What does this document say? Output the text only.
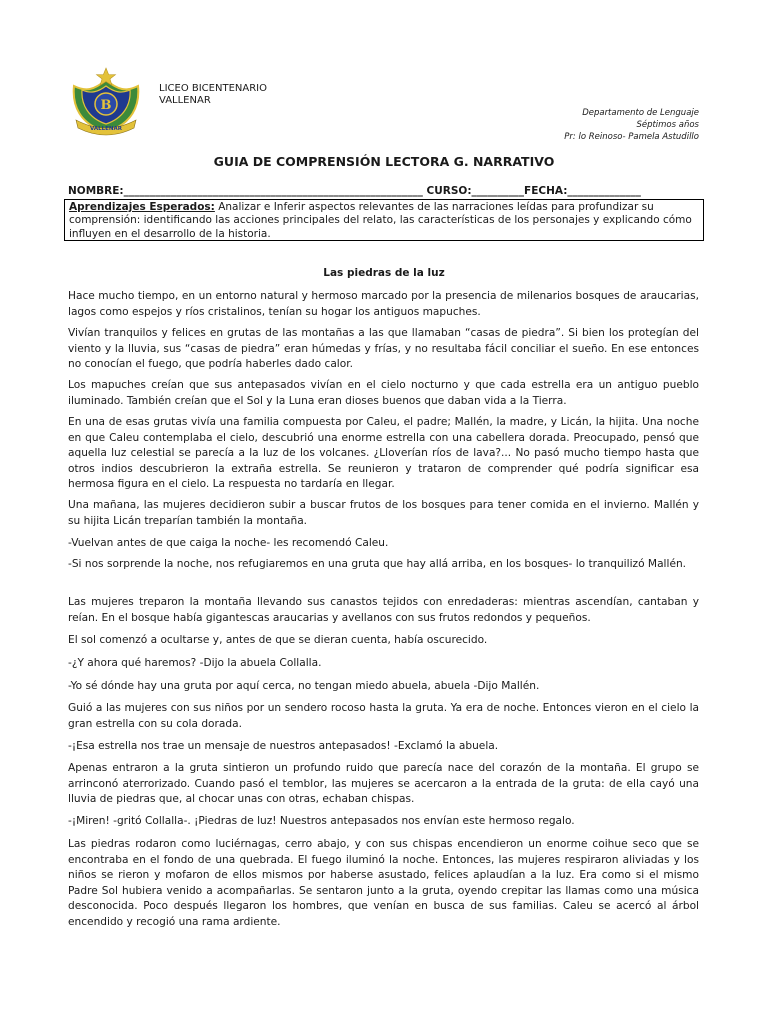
B
VALLENAR
LICEO BICENTENARIO
VALLENAR
Departamento de Lenguaje
Séptimos años
Pr: lo Reinoso- Pamela Astudillo
GUIA DE COMPRENSIÓN LECTORA G. NARRATIVO
NOMBRE:_________________________________________________________ CURSO:__________FECHA:______________
Aprendizajes Esperados: Analizar e Inferir aspectos relevantes de las narraciones leídas para profundizar su comprensión: identificando las acciones principales del relato, las características de los personajes y explicando cómo influyen en el desarrollo de la historia.
Las piedras de la luz

Hace mucho tiempo, en un entorno natural y hermoso marcado por la presencia de milenarios bosques de araucarias, lagos como espejos y ríos cristalinos, tenían su hogar los antiguos mapuches.

Vivían tranquilos y felices en grutas de las montañas a las que llamaban “casas de piedra”. Si bien los protegían del viento y la lluvia, sus “casas de piedra” eran húmedas y frías, y no resultaba fácil conciliar el sueño. En ese entonces no conocían el fuego, que podría haberles dado calor.

Los mapuches creían que sus antepasados vivían en el cielo nocturno y que cada estrella era un antiguo pueblo iluminado. También creían que el Sol y la Luna eran dioses buenos que daban vida a la Tierra.

En una de esas grutas vivía una familia compuesta por Caleu, el padre; Mallén, la madre, y Licán, la hijita. Una noche en que Caleu contemplaba el cielo, descubrió una enorme estrella con una cabellera dorada. Preocupado, pensó que aquella luz celestial se parecía a la luz de los volcanes. ¿Lloverían ríos de lava?... No pasó mucho tiempo hasta que otros indios descubrieron la extraña estrella. Se reunieron y trataron de comprender qué podría significar esa hermosa figura en el cielo. La respuesta no tardaría en llegar.

Una mañana, las mujeres decidieron subir a buscar frutos de los bosques para tener comida en el invierno. Mallén y su hijita Licán treparían también la montaña.

-Vuelvan antes de que caiga la noche- les recomendó Caleu.

-Si nos sorprende la noche, nos refugiaremos en una gruta que hay allá arriba, en los bosques- lo tranquilizó Mallén.

Las mujeres treparon la montaña llevando sus canastos tejidos con enredaderas: mientras ascendían, cantaban y reían. En el bosque había gigantescas araucarias y avellanos con sus frutos redondos y pequeños.

El sol comenzó a ocultarse y, antes de que se dieran cuenta, había oscurecido.

-¿Y ahora qué haremos? -Dijo la abuela Collalla.

-Yo sé dónde hay una gruta por aquí cerca, no tengan miedo abuela, abuela -Dijo Mallén.

Guió a las mujeres con sus niños por un sendero rocoso hasta la gruta. Ya era de noche. Entonces vieron en el cielo la gran estrella con su cola dorada.

-¡Esa estrella nos trae un mensaje de nuestros antepasados! -Exclamó la abuela.

Apenas entraron a la gruta sintieron un profundo ruido que parecía nace del corazón de la montaña. El grupo se arrinconó aterrorizado. Cuando pasó el temblor, las mujeres se acercaron a la entrada de la gruta: de ella cayó una lluvia de piedras que, al chocar unas con otras, echaban chispas.

-¡Miren! -gritó Collalla-. ¡Piedras de luz! Nuestros antepasados nos envían este hermoso regalo.

Las piedras rodaron como luciérnagas, cerro abajo, y con sus chispas encendieron un enorme coihue seco que se encontraba en el fondo de una quebrada. El fuego iluminó la noche. Entonces, las mujeres respiraron aliviadas y los niños se rieron y mofaron de ellos mismos por haberse asustado, felices aplaudían a la luz. Era como si el mismo Padre Sol hubiera venido a acompañarlas. Se sentaron junto a la gruta, oyendo crepitar las llamas como una música desconocida. Poco después llegaron los hombres, que venían en busca de sus familias. Caleu se acercó al árbol encendido y recogió una rama ardiente.
